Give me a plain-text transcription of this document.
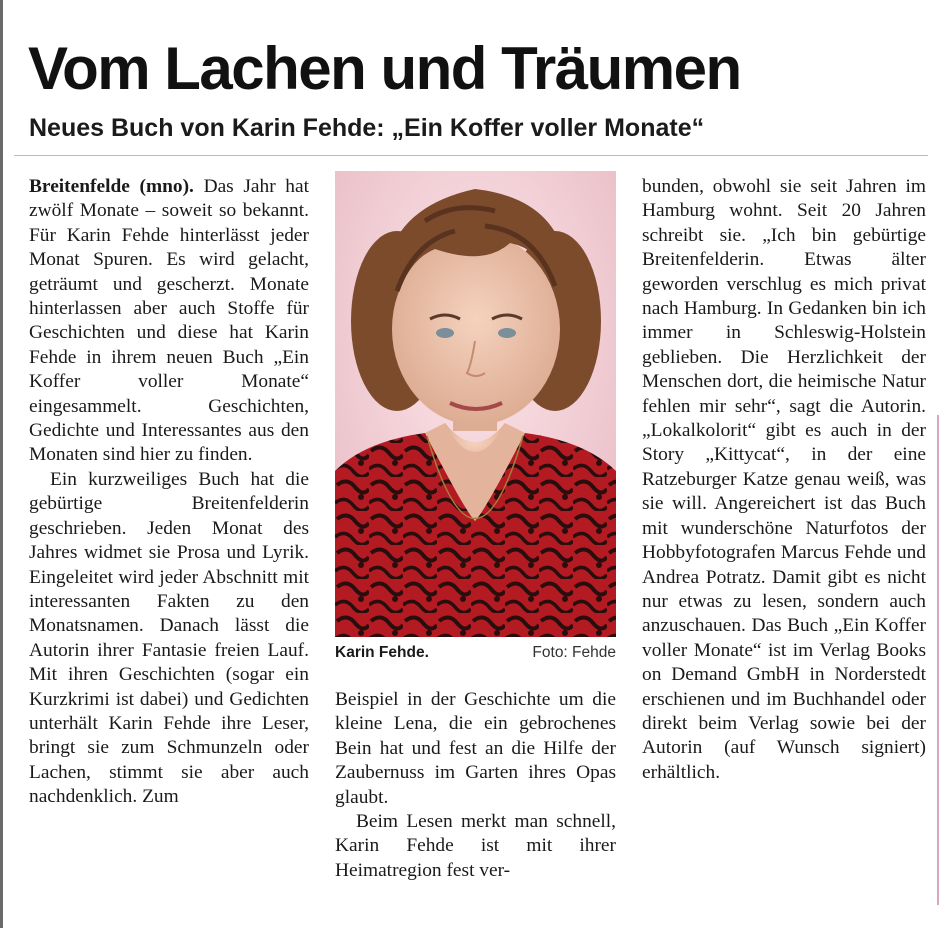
Vom Lachen und Träumen
Neues Buch von Karin Fehde: „Ein Koffer voller Monate“

Breitenfelde (mno). Das Jahr hat zwölf Monate – soweit so bekannt. Für Karin Fehde hinterlässt jeder Monat Spuren. Es wird gelacht, geträumt und gescherzt. Monate hinterlassen aber auch Stoffe für Geschichten und diese hat Karin Fehde in ihrem neuen Buch „Ein Koffer voller Monate“ eingesammelt. Geschichten, Gedichte und Interessantes aus den Monaten sind hier zu finden.

Ein kurzweiliges Buch hat die gebürtige Breitenfelderin geschrieben. Jeden Monat des Jahres widmet sie Prosa und Lyrik. Eingeleitet wird jeder Abschnitt mit interessanten Fakten zu den Monatsnamen. Danach lässt die Autorin ihrer Fantasie freien Lauf. Mit ihren Geschichten (sogar ein Kurzkrimi ist dabei) und Gedichten unterhält Karin Fehde ihre Leser, bringt sie zum Schmunzeln oder Lachen, stimmt sie aber auch nachdenklich. Zum

Karin Fehde.	Foto: Fehde

Beispiel in der Geschichte um die kleine Lena, die ein gebrochenes Bein hat und fest an die Hilfe der Zaubernuss im Garten ihres Opas glaubt.

Beim Lesen merkt man schnell, Karin Fehde ist mit ihrer Heimatregion fest ver-

bunden, obwohl sie seit Jahren im Hamburg wohnt. Seit 20 Jahren schreibt sie. „Ich bin gebürtige Breitenfelderin. Etwas älter geworden verschlug es mich privat nach Hamburg. In Gedanken bin ich immer in Schleswig-Holstein geblieben. Die Herzlichkeit der Menschen dort, die heimische Natur fehlen mir sehr“, sagt die Autorin. „Lokalkolorit“ gibt es auch in der Story „Kittycat“, in der eine Ratzeburger Katze genau weiß, was sie will. Angereichert ist das Buch mit wunderschöne Naturfotos der Hobbyfotografen Marcus Fehde und Andrea Potratz. Damit gibt es nicht nur etwas zu lesen, sondern auch anzuschauen. Das Buch „Ein Koffer voller Monate“ ist im Verlag Books on Demand GmbH in Norderstedt erschienen und im Buchhandel oder direkt beim Verlag sowie bei der Autorin (auf Wunsch signiert) erhältlich.
